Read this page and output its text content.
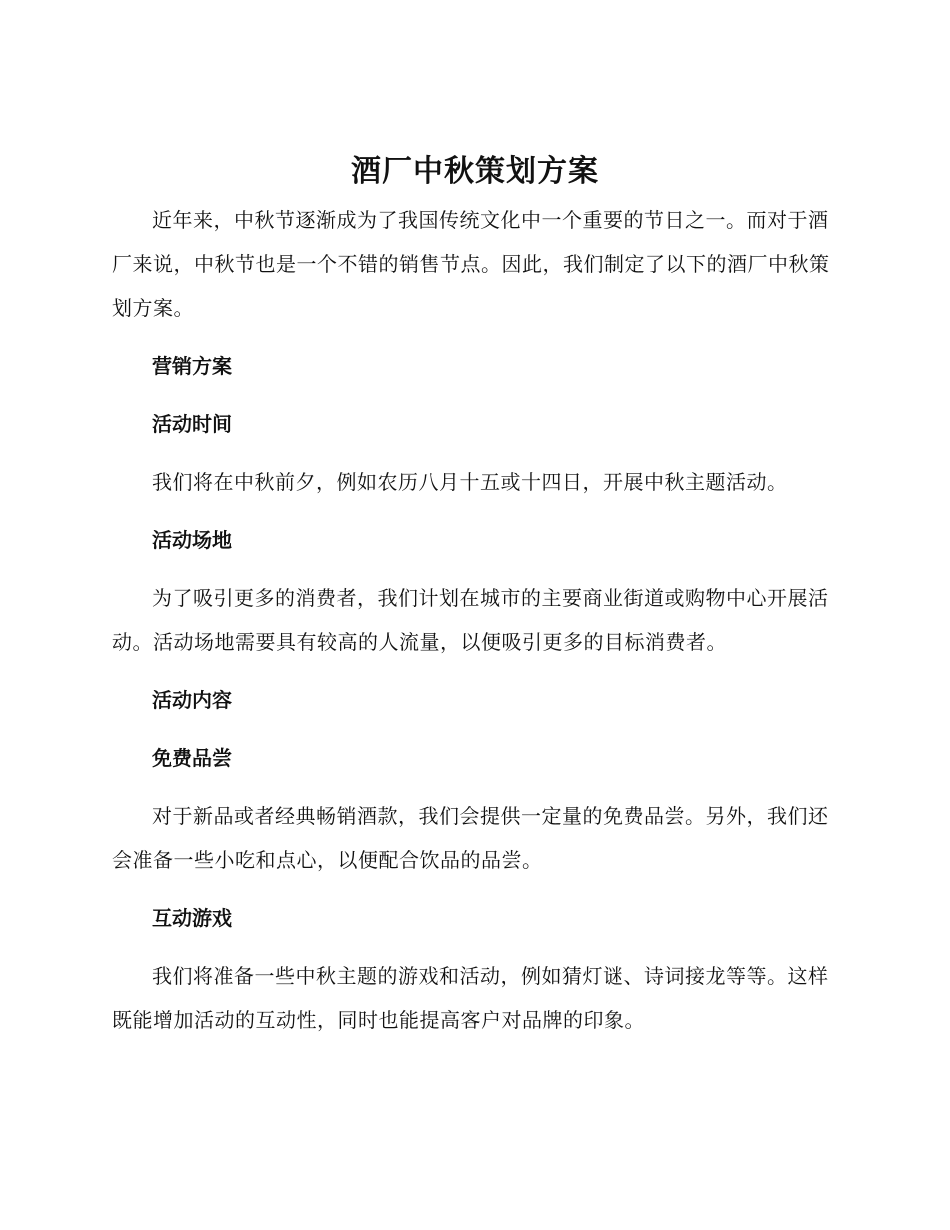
酒厂中秋策划方案

近年来，中秋节逐渐成为了我国传统文化中一个重要的节日之一。而对于酒厂来说，中秋节也是一个不错的销售节点。因此，我们制定了以下的酒厂中秋策划方案。

营销方案
活动时间

我们将在中秋前夕，例如农历八月十五或十四日，开展中秋主题活动。

活动场地

为了吸引更多的消费者，我们计划在城市的主要商业街道或购物中心开展活动。活动场地需要具有较高的人流量，以便吸引更多的目标消费者。

活动内容
免费品尝

对于新品或者经典畅销酒款，我们会提供一定量的免费品尝。另外，我们还会准备一些小吃和点心，以便配合饮品的品尝。

互动游戏

我们将准备一些中秋主题的游戏和活动，例如猜灯谜、诗词接龙等等。这样既能增加活动的互动性，同时也能提高客户对品牌的印象。
